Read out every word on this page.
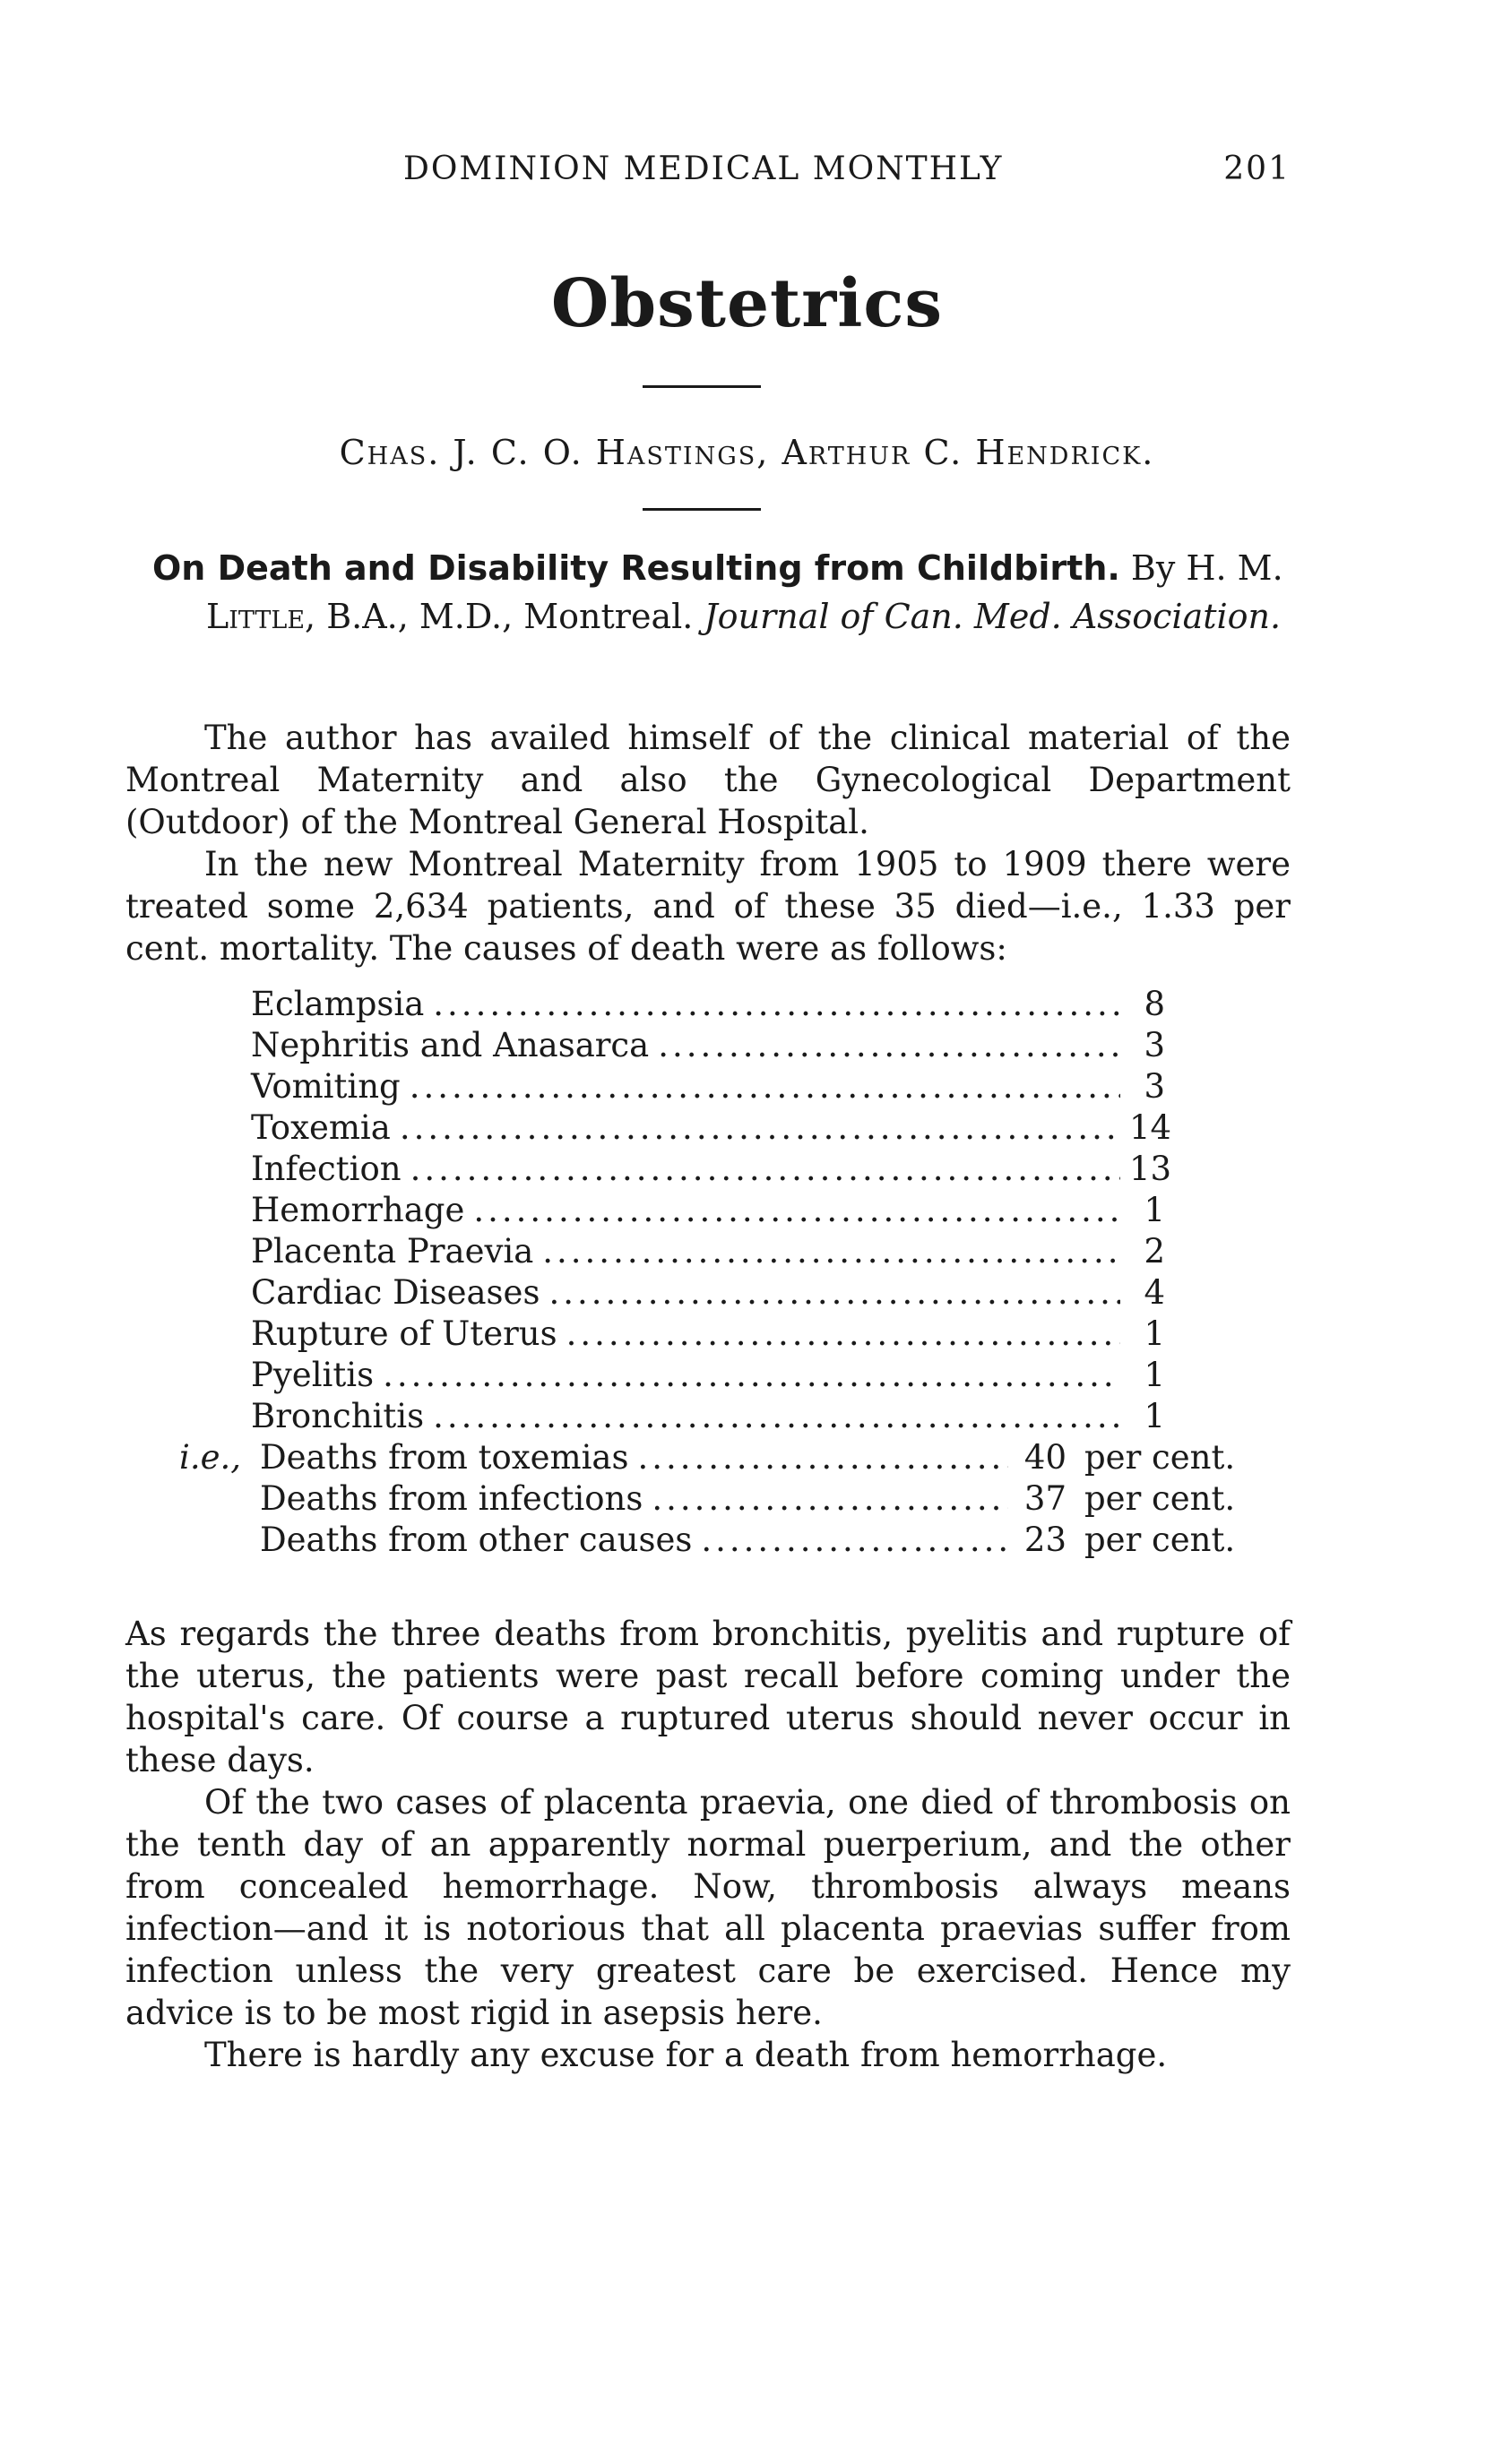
DOMINION MEDICAL MONTHLY	201
Obstetrics
Chas. J. C. O. Hastings, Arthur C. Hendrick.
On Death and Disability Resulting from Childbirth. By H. M.
Little, B.A., M.D., Montreal. Journal of Can. Med. Association.

The author has availed himself of the clinical material of the Montreal Maternity and also the Gynecological Department (Outdoor) of the Montreal General Hospital.

In the new Montreal Maternity from 1905 to 1909 there were treated some 2,634 patients, and of these 35 died—i.e., 1.33 per cent. mortality. The causes of death were as follows:

Eclampsia .....	8
Nephritis and Anasarca .....	3
Vomiting .....	3
Toxemia .....	14
Infection .....	13
Hemorrhage .....	1
Placenta Praevia .....	2
Cardiac Diseases .....	4
Rupture of Uterus .....	1
Pyelitis .....	1
Bronchitis .....	1
i.e., Deaths from toxemias .....	40 per cent.
Deaths from infections .....	37 per cent.
Deaths from other causes .....	23 per cent.

As regards the three deaths from bronchitis, pyelitis and rupture of the uterus, the patients were past recall before coming under the hospital's care. Of course a ruptured uterus should never occur in these days.

Of the two cases of placenta praevia, one died of thrombosis on the tenth day of an apparently normal puerperium, and the other from concealed hemorrhage. Now, thrombosis always means infection—and it is notorious that all placenta praevias suffer from infection unless the very greatest care be exercised. Hence my advice is to be most rigid in asepsis here.

There is hardly any excuse for a death from hemorrhage.
